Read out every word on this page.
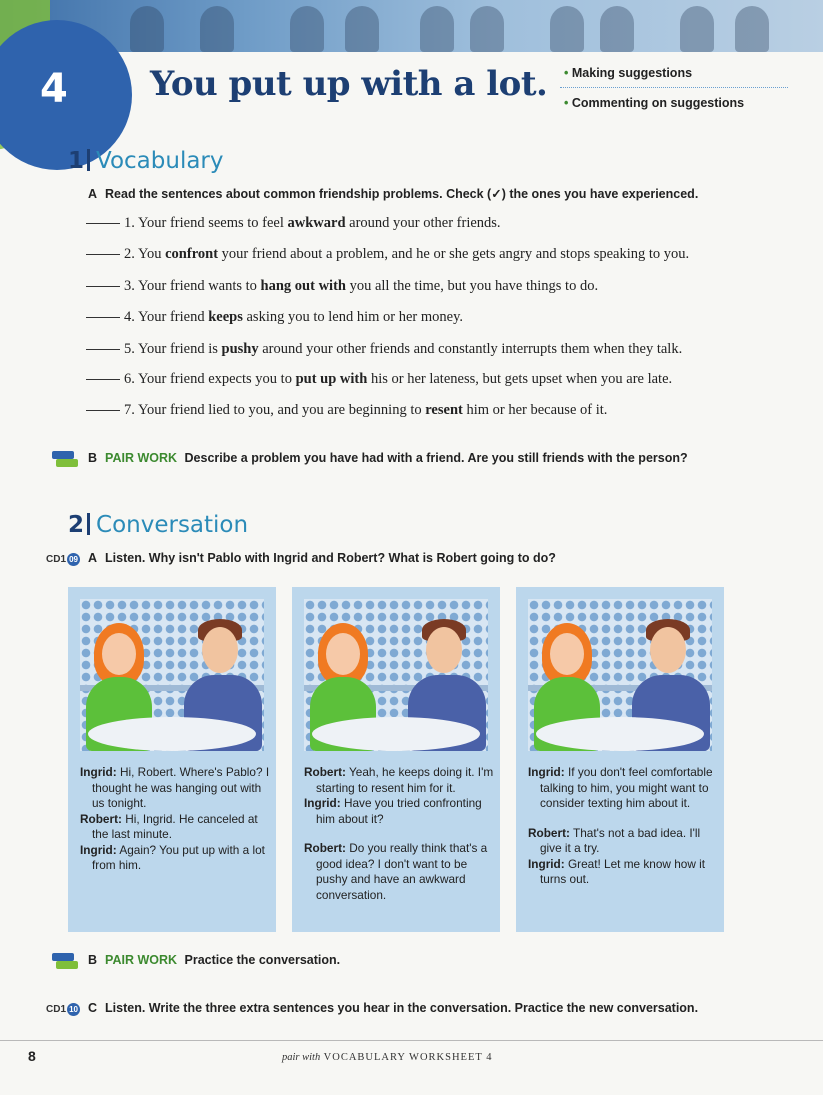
4 You put up with a lot. • Making suggestions
• Commenting on suggestions
1 Vocabulary
A Read the sentences about common friendship problems. Check (✓) the ones you have experienced.
1. Your friend seems to feel awkward around your other friends.
2. You confront your friend about a problem, and he or she gets angry and stops speaking to you.
3. Your friend wants to hang out with you all the time, but you have things to do.
4. Your friend keeps asking you to lend him or her money.
5. Your friend is pushy around your other friends and constantly interrupts them when they talk.
6. Your friend expects you to put up with his or her lateness, but gets upset when you are late.
7. Your friend lied to you, and you are beginning to resent him or her because of it.
B PAIR WORK Describe a problem you have had with a friend. Are you still friends with the person?
2 Conversation
CD1 09 A Listen. Why isn't Pablo with Ingrid and Robert? What is Robert going to do?

Ingrid: Hi, Robert. Where's Pablo? I thought he was hanging out with us tonight.

Robert: Hi, Ingrid. He canceled at the last minute.

Ingrid: Again? You put up with a lot from him.

Robert: Yeah, he keeps doing it. I'm starting to resent him for it.

Ingrid: Have you tried confronting him about it?

Robert: Do you really think that's a good idea? I don't want to be pushy and have an awkward conversation.

Ingrid: If you don't feel comfortable talking to him, you might want to consider texting him about it.

Robert: That's not a bad idea. I'll give it a try.

Ingrid: Great! Let me know how it turns out.

B PAIR WORK Practice the conversation.
CD1 10 C Listen. Write the three extra sentences you hear in the conversation. Practice the new conversation.
8	pair with VOCABULARY WORKSHEET 4
